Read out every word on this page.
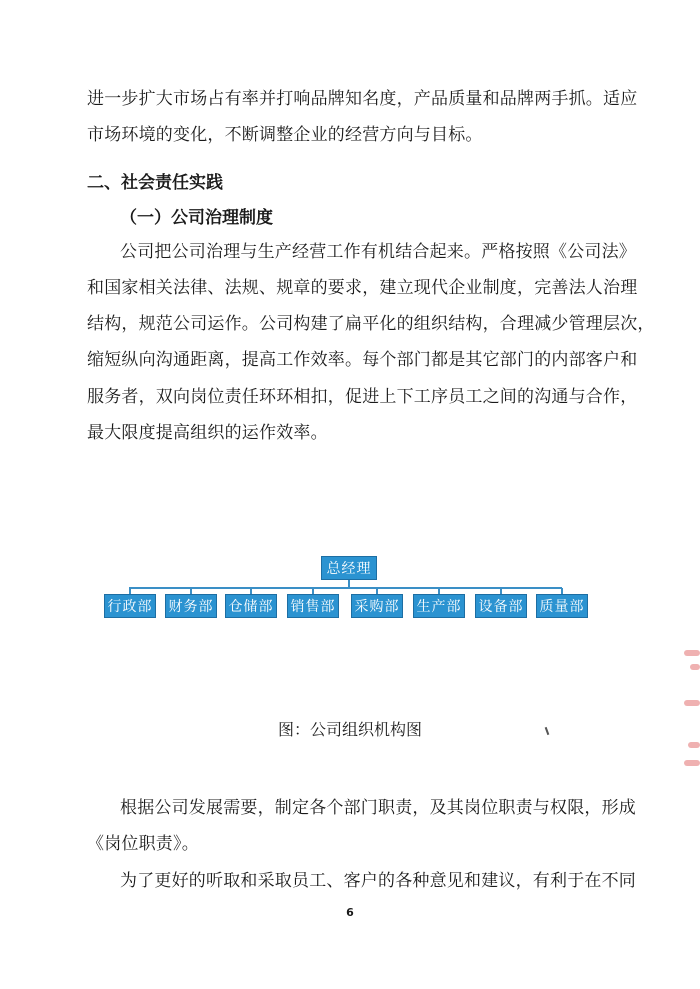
进一步扩大市场占有率并打响品牌知名度，产品质量和品牌两手抓。适应
市场环境的变化，不断调整企业的经营方向与目标。
二、社会责任实践
（一）公司治理制度
公司把公司治理与生产经营工作有机结合起来。严格按照《公司法》
和国家相关法律、法规、规章的要求，建立现代企业制度，完善法人治理
结构，规范公司运作。公司构建了扁平化的组织结构，合理减少管理层次，
缩短纵向沟通距离，提高工作效率。每个部门都是其它部门的内部客户和
服务者，双向岗位责任环环相扣，促进上下工序员工之间的沟通与合作，
最大限度提高组织的运作效率。
总经理
行政部 财务部 仓储部 销售部 采购部 生产部 设备部 质量部
图：公司组织机构图
根据公司发展需要，制定各个部门职责，及其岗位职责与权限，形成
《岗位职责》。
为了更好的听取和采取员工、客户的各种意见和建议，有利于在不同
6
